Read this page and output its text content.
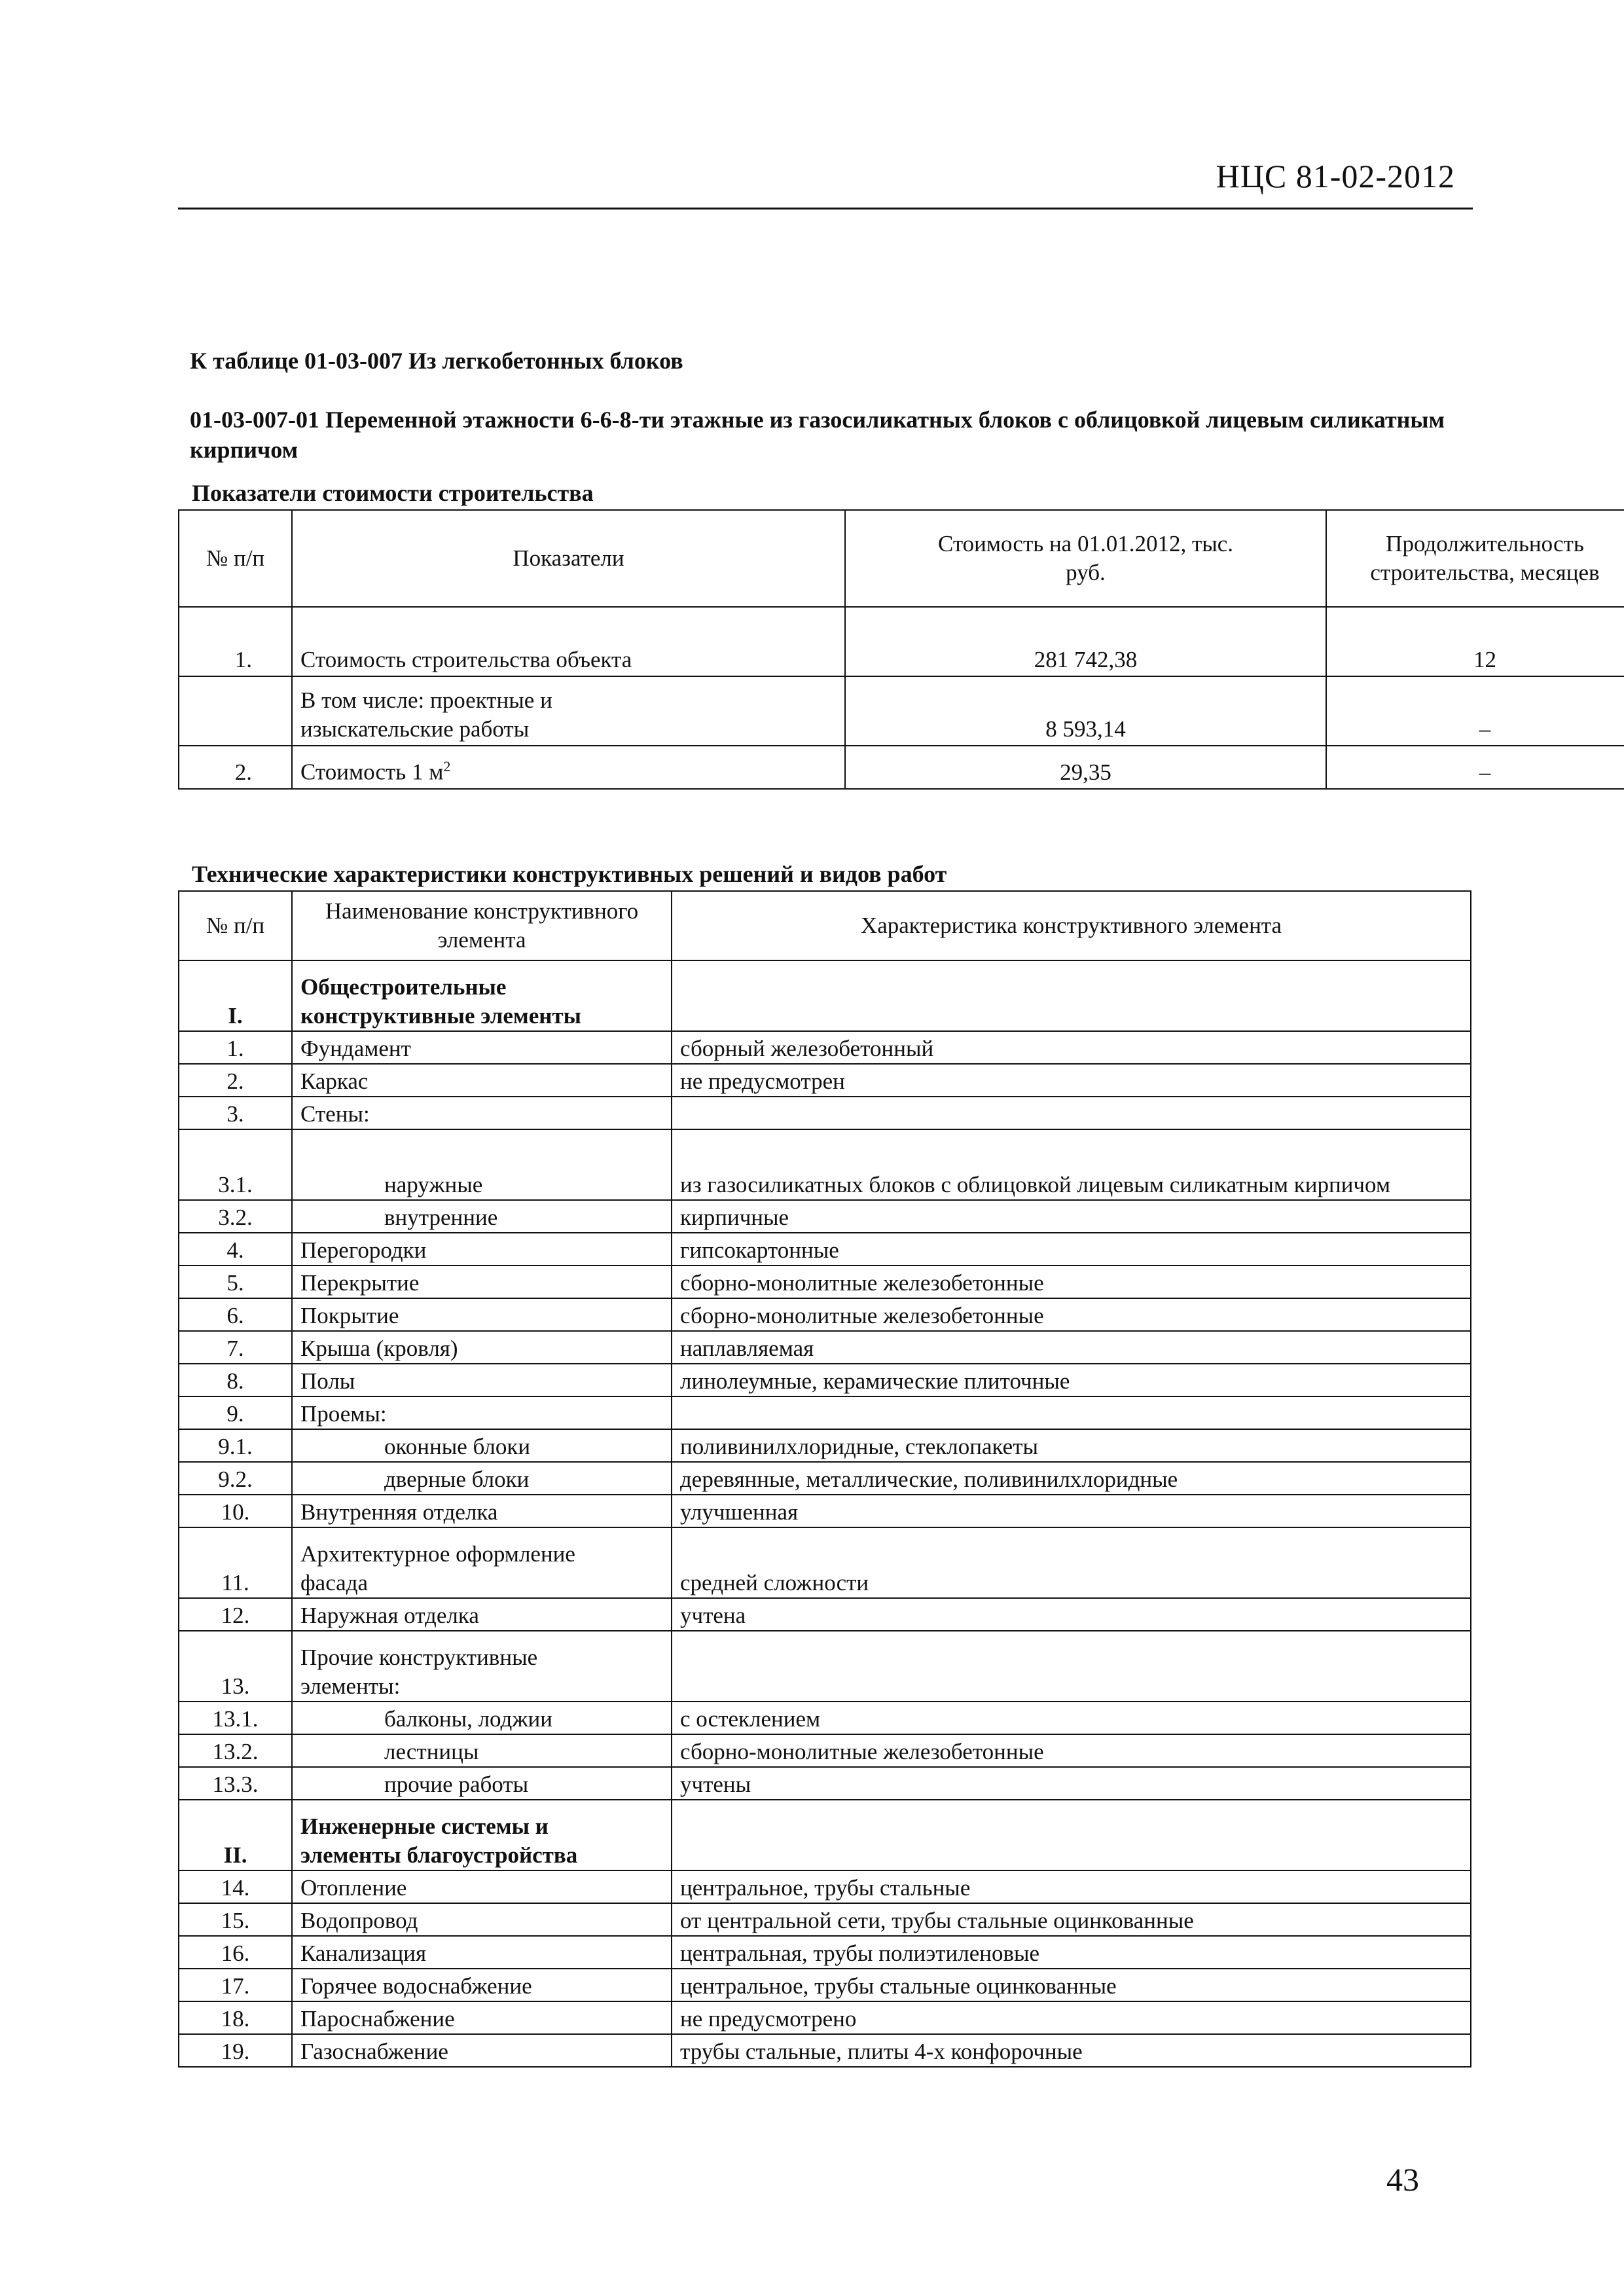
НЦС 81-02-2012
К таблице 01-03-007 Из легкобетонных блоков
01-03-007-01 Переменной этажности 6-6-8-ти этажные из газосиликатных блоков с облицовкой лицевым силикатным кирпичом
Показатели стоимости строительства
№ п/п	Показатели	Стоимость на 01.01.2012, тыс. руб.	Продолжительность строительства, месяцев
1.	Стоимость строительства объекта	281 742,38	12
	В том числе: проектные и изыскательские работы	8 593,14	–
2.	Стоимость 1 $м^2$	29,35	–
Технические характеристики конструктивных решений и видов работ
№ п/п	Наименование конструктивного элемента	Характеристика конструктивного элемента
I.	Общестроительные конструктивные элементы	
1.	Фундамент	сборный железобетонный
2.	Каркас	не предусмотрен
3.	Стены:	
3.1.	наружные	из газосиликатных блоков с облицовкой лицевым силикатным кирпичом
3.2.	внутренние	кирпичные
4.	Перегородки	гипсокартонные
5.	Перекрытие	сборно-монолитные железобетонные
6.	Покрытие	сборно-монолитные железобетонные
7.	Крыша (кровля)	наплавляемая
8.	Полы	линолеумные, керамические плиточные
9.	Проемы:	
9.1.	оконные блоки	поливинилхлоридные, стеклопакеты
9.2.	дверные блоки	деревянные, металлические, поливинилхлоридные
10.	Внутренняя отделка	улучшенная
11.	Архитектурное оформление фасада	средней сложности
12.	Наружная отделка	учтена
13.	Прочие конструктивные элементы:	
13.1.	балконы, лоджии	с остеклением
13.2.	лестницы	сборно-монолитные железобетонные
13.3.	прочие работы	учтены
II.	Инженерные системы и элементы благоустройства	
14.	Отопление	центральное, трубы стальные
15.	Водопровод	от центральной сети, трубы стальные оцинкованные
16.	Канализация	центральная, трубы полиэтиленовые
17.	Горячее водоснабжение	центральное, трубы стальные оцинкованные
18.	Пароснабжение	не предусмотрено
19.	Газоснабжение	трубы стальные, плиты 4-х конфорочные
43
